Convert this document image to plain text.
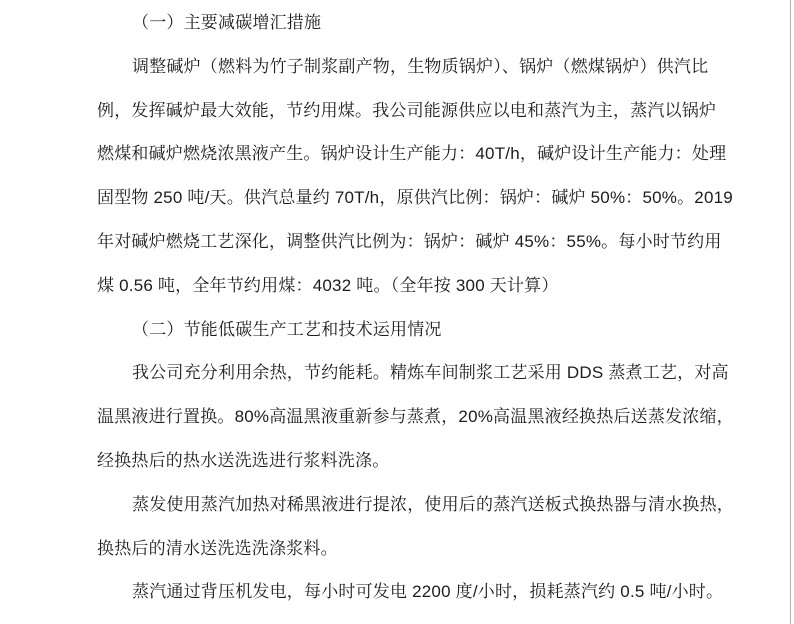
（一）主要减碳增汇措施
调整碱炉（燃料为竹子制浆副产物，生物质锅炉）、锅炉（燃煤锅炉）供汽比
例，发挥碱炉最大效能，节约用煤。我公司能源供应以电和蒸汽为主，蒸汽以锅炉
燃煤和碱炉燃烧浓黑液产生。锅炉设计生产能力：40T/h，碱炉设计生产能力：处理
固型物 250 吨/天。供汽总量约 70T/h，原供汽比例：锅炉：碱炉 50%：50%。2019
年对碱炉燃烧工艺深化，调整供汽比例为：锅炉：碱炉 45%：55%。每小时节约用
煤 0.56 吨，全年节约用煤：4032 吨。（全年按 300 天计算）
（二）节能低碳生产工艺和技术运用情况
我公司充分利用余热，节约能耗。精炼车间制浆工艺采用 DDS 蒸煮工艺，对高
温黑液进行置换。80%高温黑液重新参与蒸煮，20%高温黑液经换热后送蒸发浓缩，
经换热后的热水送洗选进行浆料洗涤。
蒸发使用蒸汽加热对稀黑液进行提浓，使用后的蒸汽送板式换热器与清水换热，
换热后的清水送洗选洗涤浆料。
蒸汽通过背压机发电，每小时可发电 2200 度/小时，损耗蒸汽约 0.5 吨/小时。
